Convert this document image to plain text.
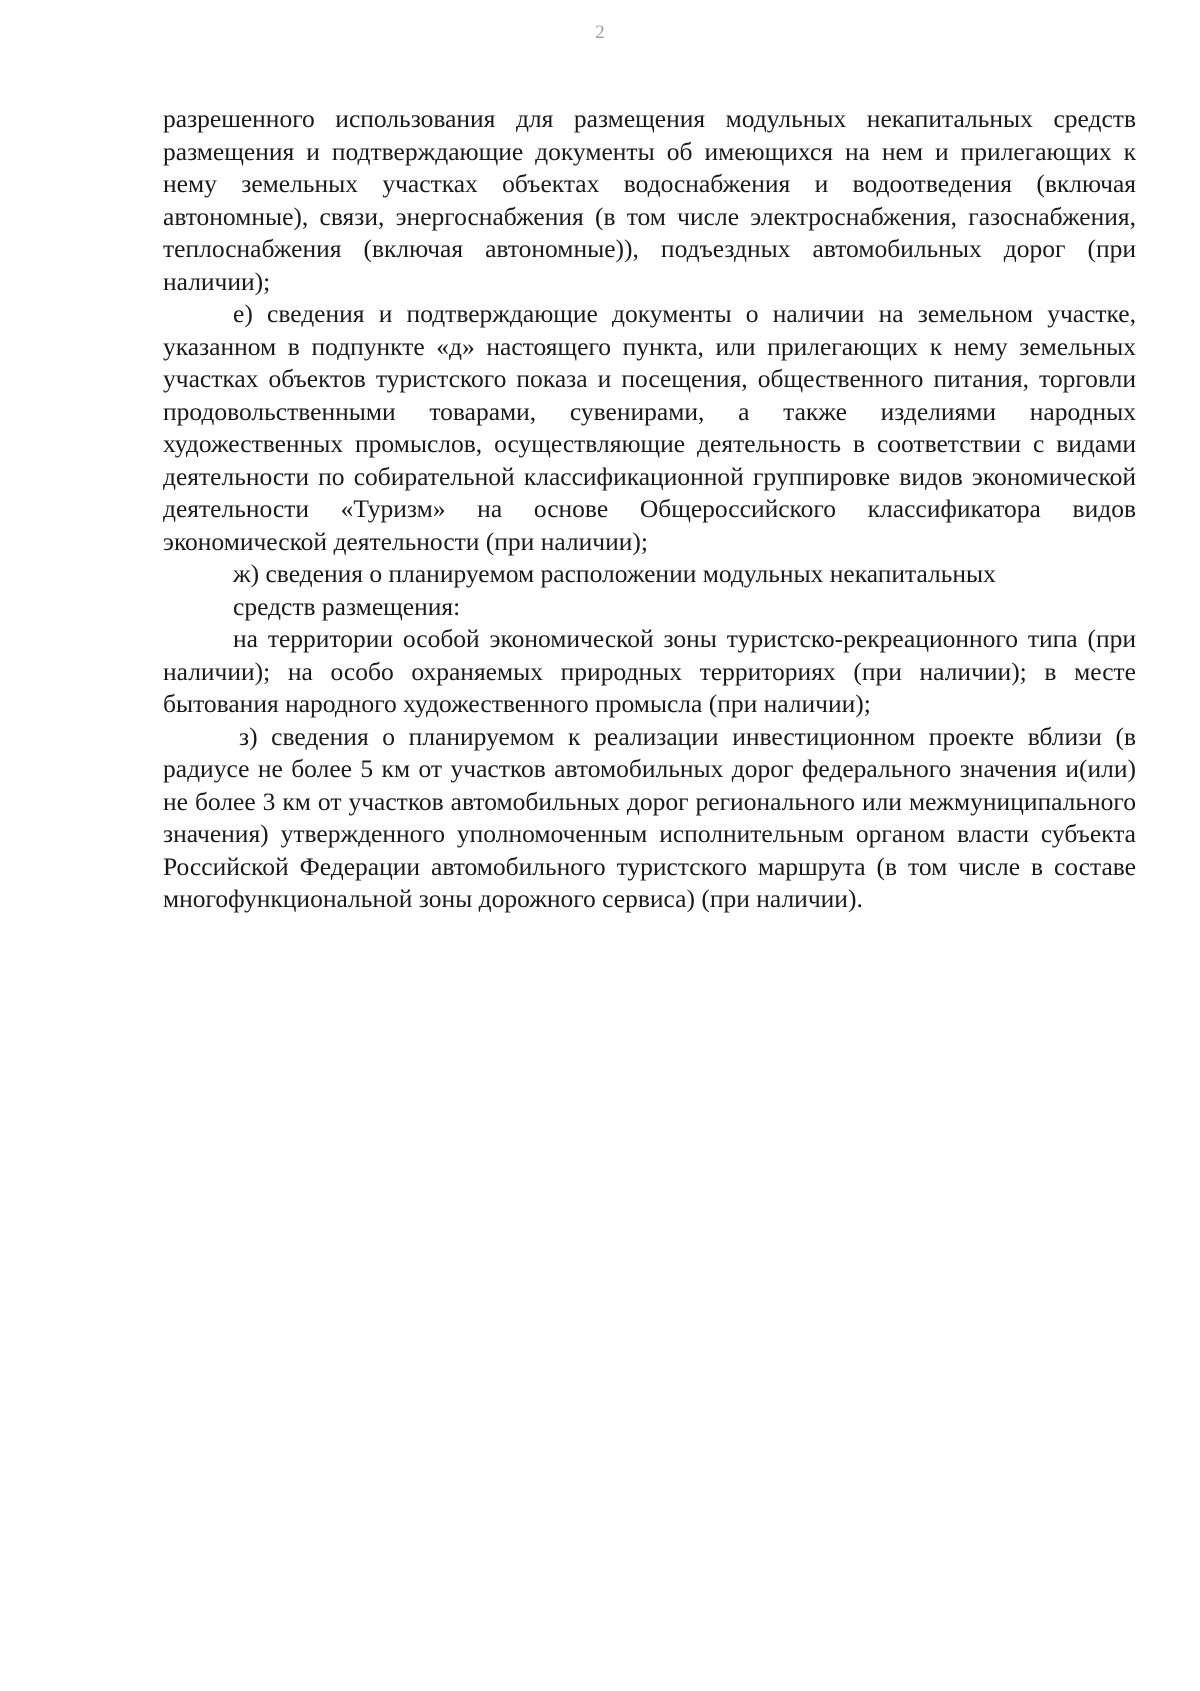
2

разрешенного использования для размещения модульных некапитальных средств размещения и подтверждающие документы об имеющихся на нем и прилегающих к нему земельных участках объектах водоснабжения и водоотведения (включая автономные), связи, энергоснабжения (в том числе электроснабжения, газоснабжения, теплоснабжения (включая автономные)), подъездных автомобильных дорог (при наличии);

е) сведения и подтверждающие документы о наличии на земельном участке, указанном в подпункте «д» настоящего пункта, или прилегающих к нему земельных участках объектов туристского показа и посещения, общественного питания, торговли продовольственными товарами, сувенирами, а также изделиями народных художественных промыслов, осуществляющие деятельность в соответствии с видами деятельности по собирательной классификационной группировке видов экономической деятельности «Туризм» на основе Общероссийского классификатора видов экономической деятельности (при наличии);

ж) сведения о планируемом расположении модульных некапитальных

средств размещения:

на территории особой экономической зоны туристско-рекреационного типа (при наличии); на особо охраняемых природных территориях (при наличии); в месте бытования народного художественного промысла (при наличии);

з) сведения о планируемом к реализации инвестиционном проекте вблизи (в радиусе не более 5 км от участков автомобильных дорог федерального значения и(или) не более 3 км от участков автомобильных дорог регионального или межмуниципального значения) утвержденного уполномоченным исполнительным органом власти субъекта Российской Федерации автомобильного туристского маршрута (в том числе в составе многофункциональной зоны дорожного сервиса) (при наличии).
